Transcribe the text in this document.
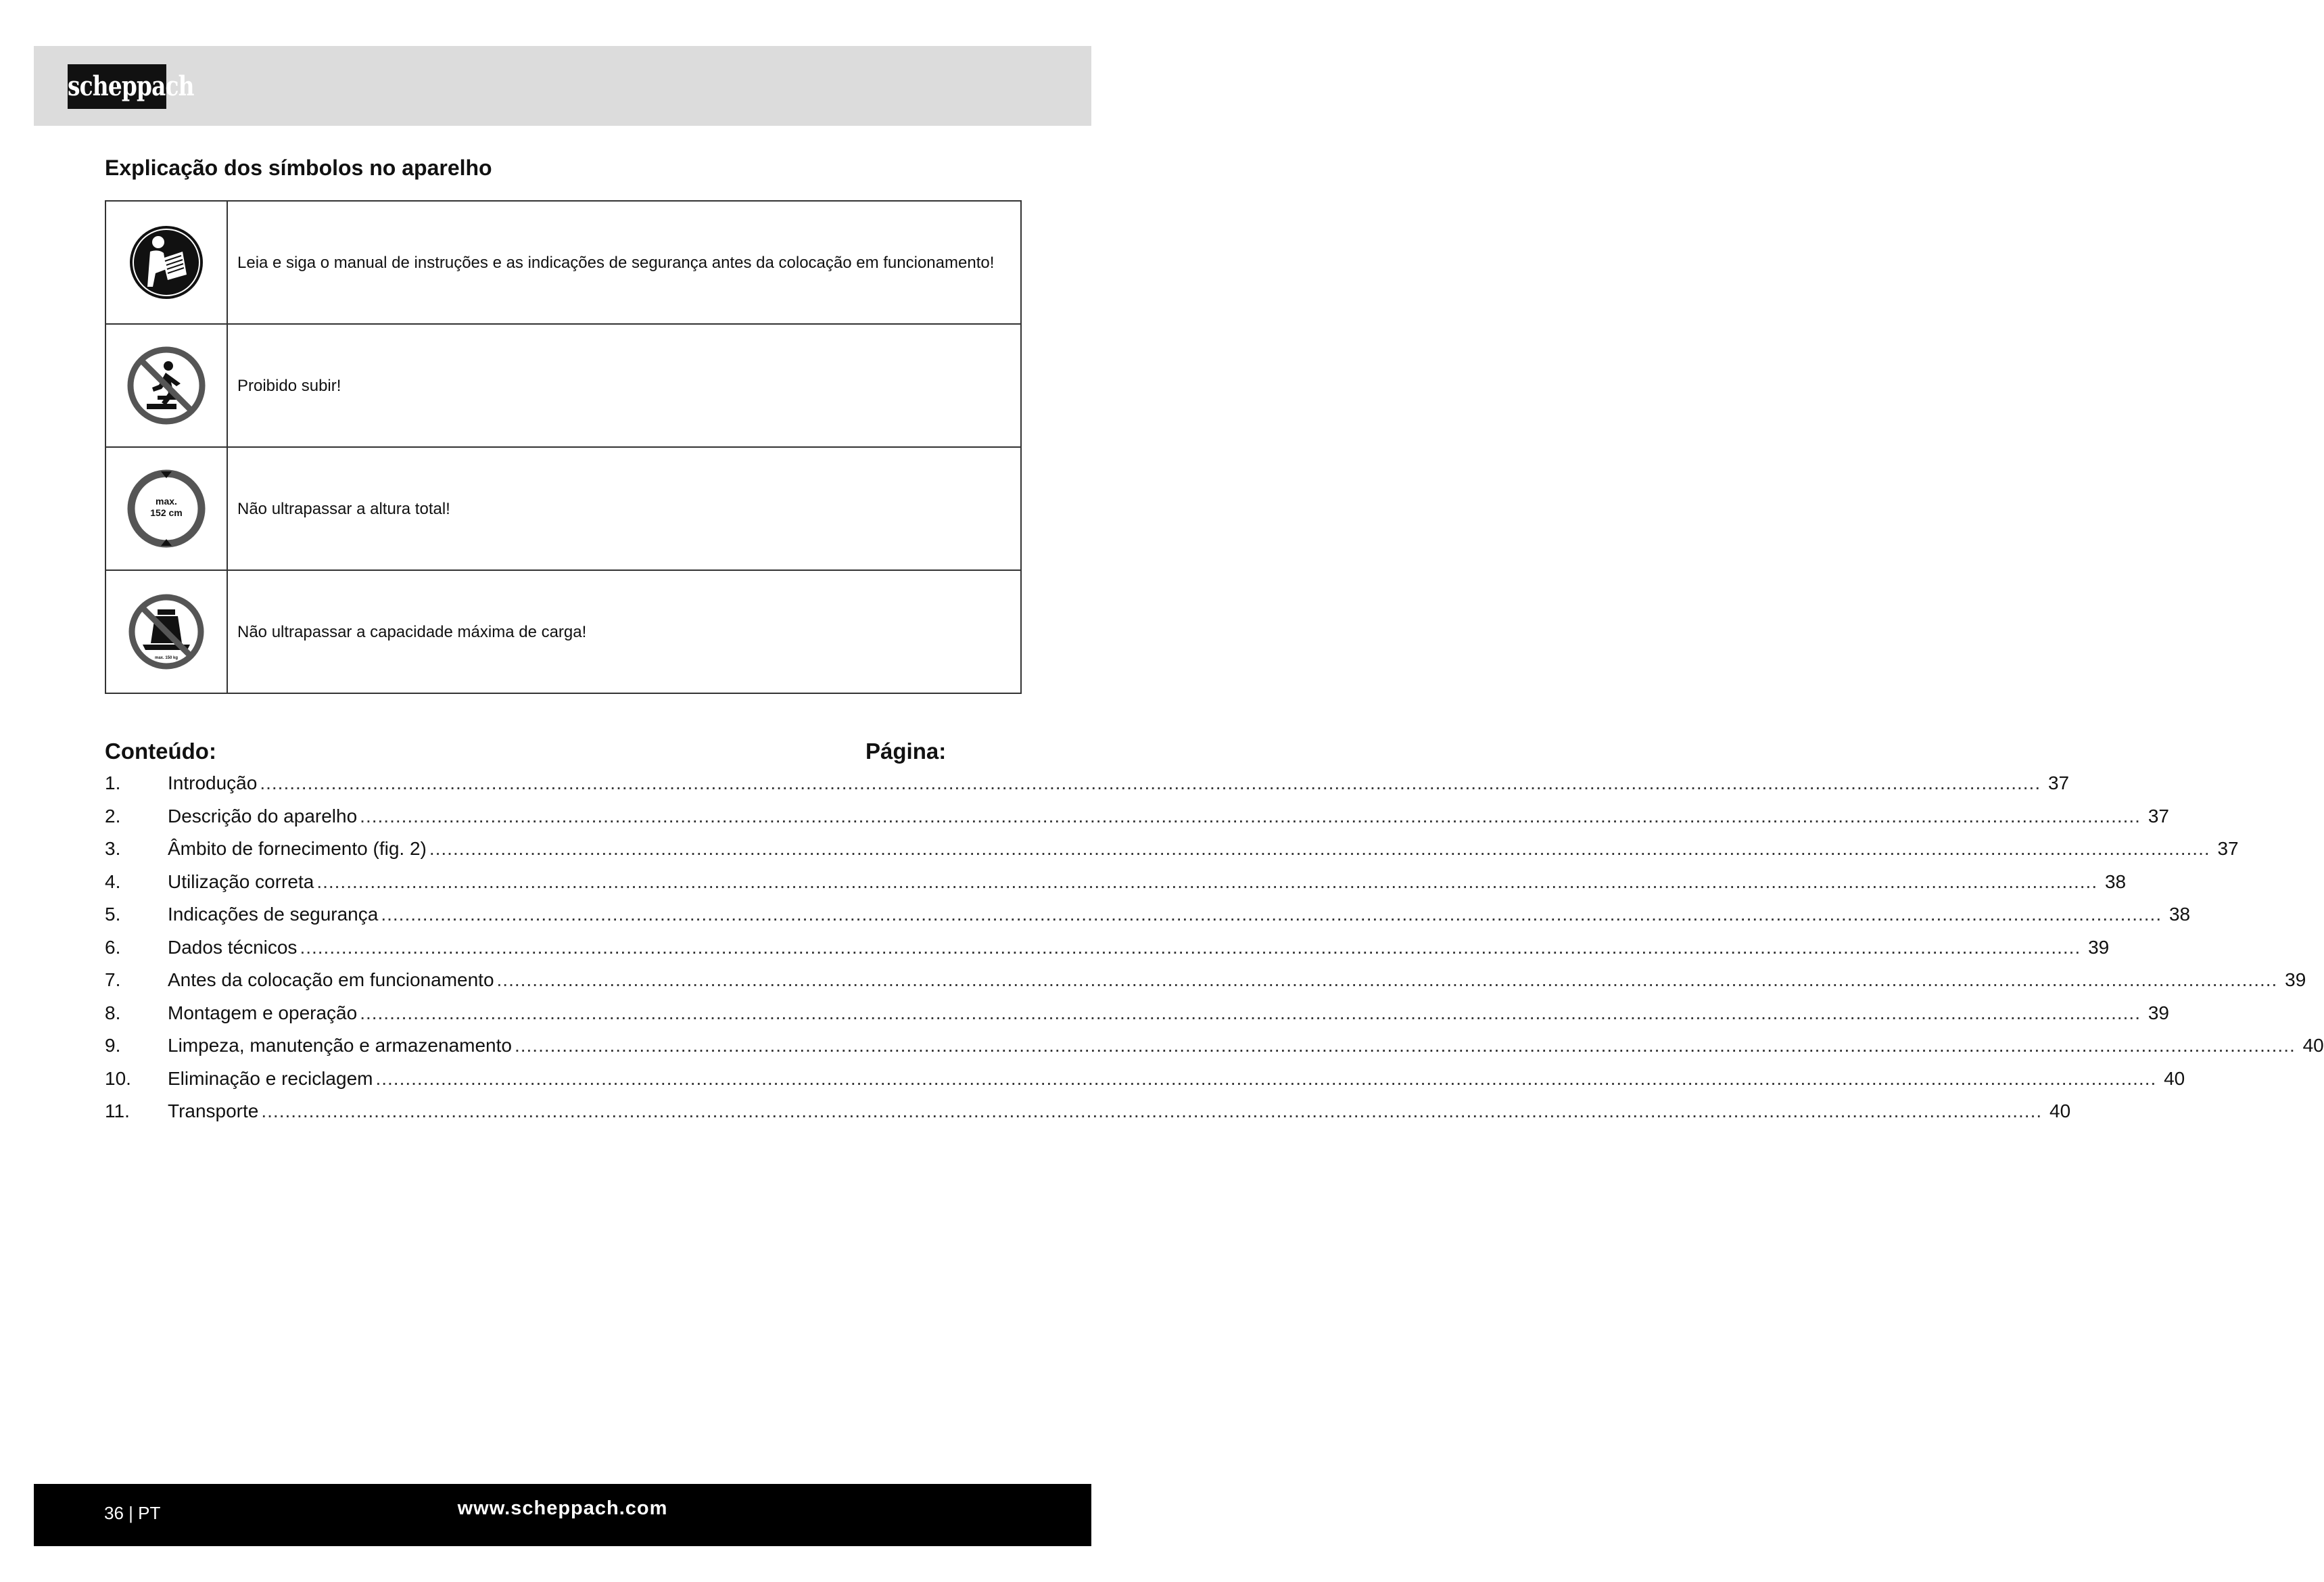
scheppach
Explicação dos símbolos no aparelho
Leia e siga o manual de instruções e as indicações de segurança antes da colocação em funcionamento!
Proibido subir!
max.
152 cm	Não ultrapassar a altura total!
max. 150 kg
Não ultrapassar a capacidade máxima de carga!
Conteúdo:	Página:
1.	Introdução ............................................................................................................................................................................................................................................................................................................ 37
2.	Descrição do aparelho ............................................................................................................................................................................................................................................................................................................ 37
3.	Âmbito de fornecimento (fig. 2) ............................................................................................................................................................................................................................................................................................................ 37
4.	Utilização correta ............................................................................................................................................................................................................................................................................................................ 38
5.	Indicações de segurança ............................................................................................................................................................................................................................................................................................................ 38
6.	Dados técnicos ............................................................................................................................................................................................................................................................................................................ 39
7.	Antes da colocação em funcionamento ............................................................................................................................................................................................................................................................................................................ 39
8.	Montagem e operação ............................................................................................................................................................................................................................................................................................................ 39
9.	Limpeza, manutenção e armazenamento ............................................................................................................................................................................................................................................................................................................ 40
10.	Eliminação e reciclagem ............................................................................................................................................................................................................................................................................................................ 40
11.	Transporte ............................................................................................................................................................................................................................................................................................................ 40
36 | PT	www.scheppach.com
